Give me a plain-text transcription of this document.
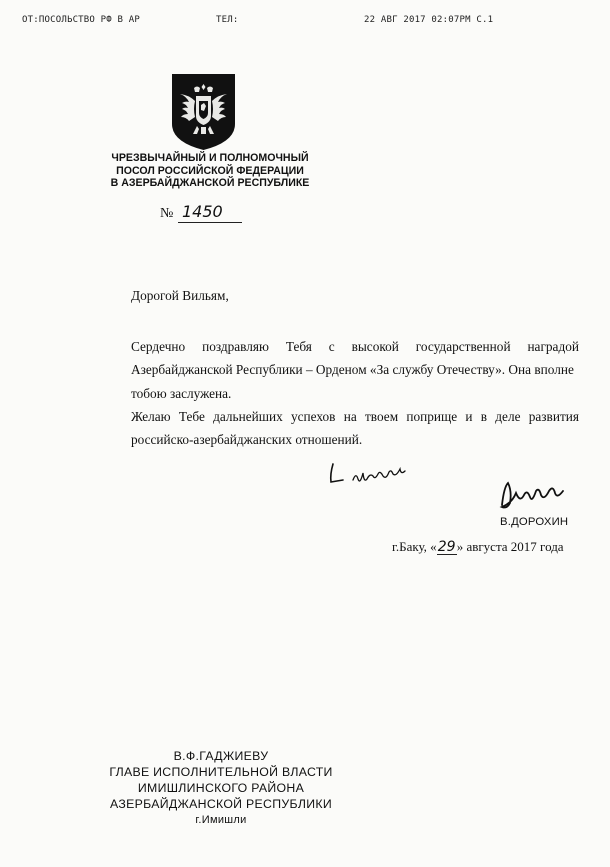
ОТ:ПОСОЛЬСТВО РФ В АР	ТЕЛ:	22 АВГ 2017 02:07PM С.1
ЧРЕЗВЫЧАЙНЫЙ И ПОЛНОМОЧНЫЙ
ПОСОЛ РОССИЙСКОЙ ФЕДЕРАЦИИ
В АЗЕРБАЙДЖАНСКОЙ РЕСПУБЛИКЕ
№ 1450
Дорогой Вильям,
Сердечно поздравляю Тебя с высокой государственной наградой
Азербайджанской Республики – Орденом «За службу Отечеству». Она вполне
тобою заслужена.
Желаю Тебе дальнейших успехов на твоем поприще и в деле развития
российско-азербайджанских отношений.
В.ДОРОХИН
г.Баку, «29» августа 2017 года
В.Ф.ГАДЖИЕВУ
ГЛАВЕ ИСПОЛНИТЕЛЬНОЙ ВЛАСТИ
ИМИШЛИНСКОГО РАЙОНА
АЗЕРБАЙДЖАНСКОЙ РЕСПУБЛИКИ
г.Имишли
